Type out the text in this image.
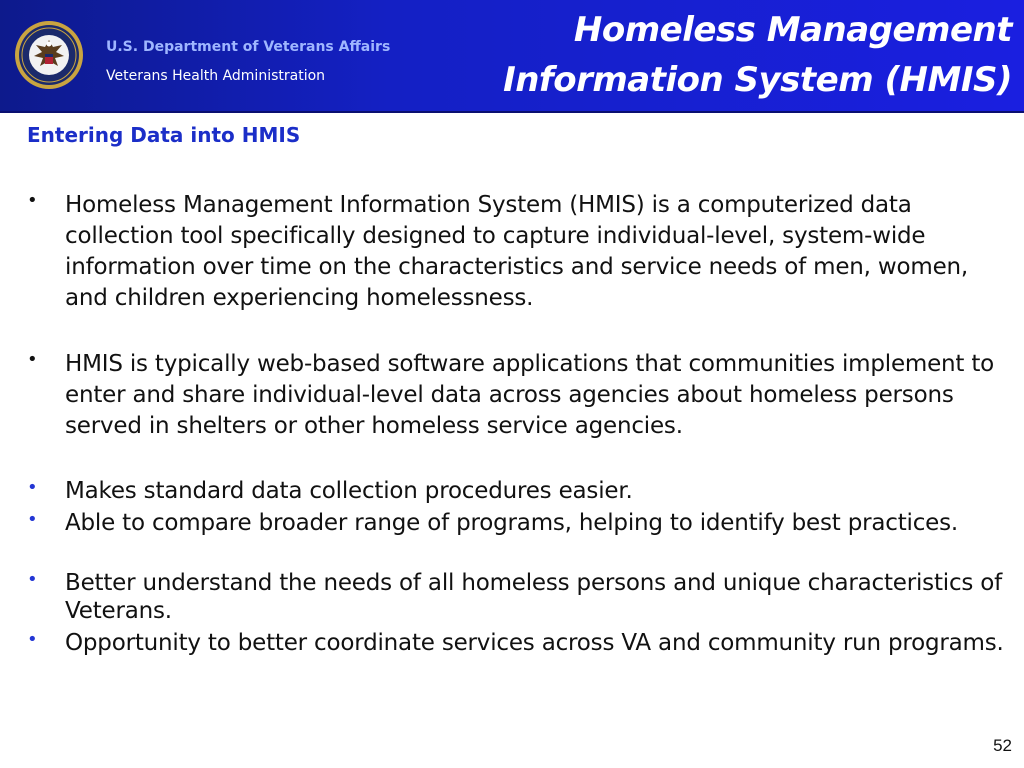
U.S. Department of Veterans Affairs
Veterans Health Administration
Homeless Management
Information System (HMIS)
Entering Data into HMIS
• Homeless Management Information System (HMIS) is a computerized data collection tool specifically designed to capture individual-level, system-wide information over time on the characteristics and service needs of men, women, and children experiencing homelessness.
• HMIS is typically web-based software applications that communities implement to enter and share individual-level data across agencies about homeless persons served in shelters or other homeless service agencies.
• Makes standard data collection procedures easier.
• Able to compare broader range of programs, helping to identify best practices.
• Better understand the needs of all homeless persons and unique characteristics of Veterans.
• Opportunity to better coordinate services across VA and community run programs.
52
